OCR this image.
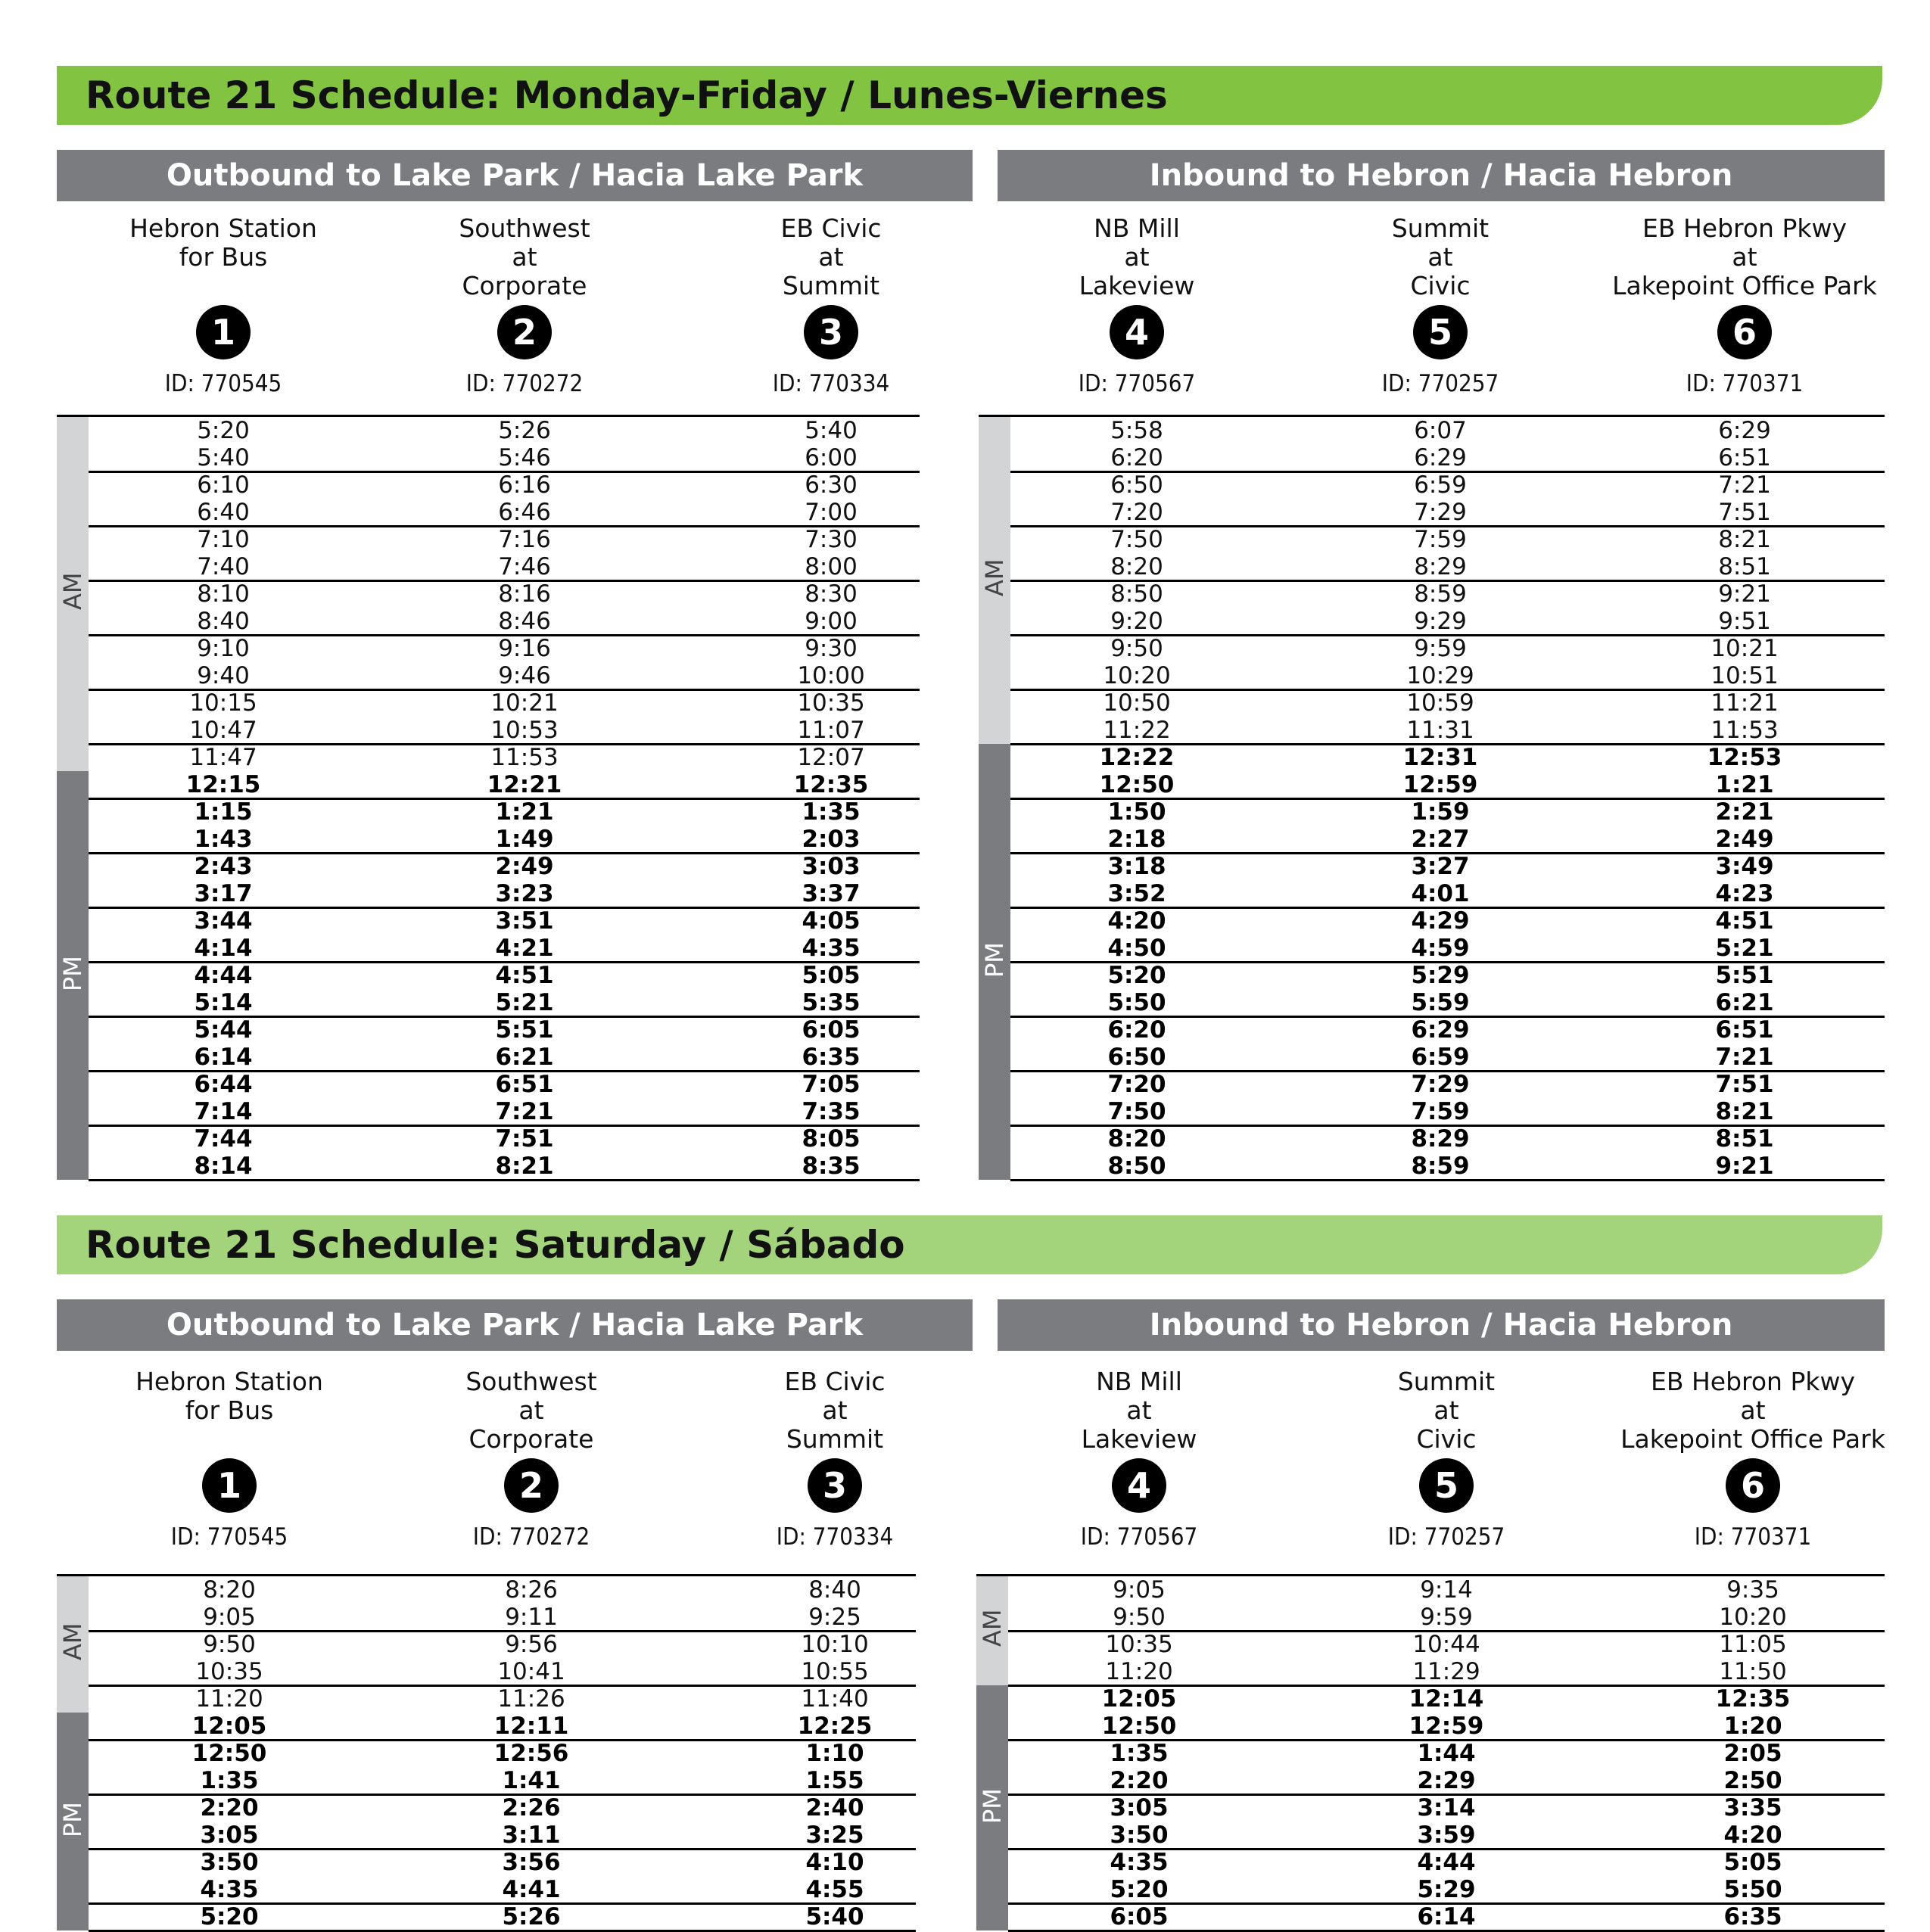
Route 21 Schedule: Monday-Friday / Lunes-Viernes
Outbound to Lake Park / Hacia Lake Park
Hebron Station
for Bus
1
ID: 770545
Southwest
at
Corporate
2
ID: 770272
EB Civic
at
Summit
3
ID: 770334
AM
PM
5:20	5:26	5:40
5:40	5:46	6:00
6:10	6:16	6:30
6:40	6:46	7:00
7:10	7:16	7:30
7:40	7:46	8:00
8:10	8:16	8:30
8:40	8:46	9:00
9:10	9:16	9:30
9:40	9:46	10:00
10:15	10:21	10:35
10:47	10:53	11:07
11:47	11:53	12:07
12:15	12:21	12:35
1:15	1:21	1:35
1:43	1:49	2:03
2:43	2:49	3:03
3:17	3:23	3:37
3:44	3:51	4:05
4:14	4:21	4:35
4:44	4:51	5:05
5:14	5:21	5:35
5:44	5:51	6:05
6:14	6:21	6:35
6:44	6:51	7:05
7:14	7:21	7:35
7:44	7:51	8:05
8:14	8:21	8:35
Inbound to Hebron / Hacia Hebron
NB Mill
at
Lakeview
4
ID: 770567
Summit
at
Civic
5
ID: 770257
EB Hebron Pkwy
at
Lakepoint Office Park
6
ID: 770371
AM
PM
5:58	6:07	6:29
6:20	6:29	6:51
6:50	6:59	7:21
7:20	7:29	7:51
7:50	7:59	8:21
8:20	8:29	8:51
8:50	8:59	9:21
9:20	9:29	9:51
9:50	9:59	10:21
10:20	10:29	10:51
10:50	10:59	11:21
11:22	11:31	11:53
12:22	12:31	12:53
12:50	12:59	1:21
1:50	1:59	2:21
2:18	2:27	2:49
3:18	3:27	3:49
3:52	4:01	4:23
4:20	4:29	4:51
4:50	4:59	5:21
5:20	5:29	5:51
5:50	5:59	6:21
6:20	6:29	6:51
6:50	6:59	7:21
7:20	7:29	7:51
7:50	7:59	8:21
8:20	8:29	8:51
8:50	8:59	9:21
Route 21 Schedule: Saturday / Sábado
Outbound to Lake Park / Hacia Lake Park
Hebron Station
for Bus
1
ID: 770545
Southwest
at
Corporate
2
ID: 770272
EB Civic
at
Summit
3
ID: 770334
AM
PM
8:20	8:26	8:40
9:05	9:11	9:25
9:50	9:56	10:10
10:35	10:41	10:55
11:20	11:26	11:40
12:05	12:11	12:25
12:50	12:56	1:10
1:35	1:41	1:55
2:20	2:26	2:40
3:05	3:11	3:25
3:50	3:56	4:10
4:35	4:41	4:55
5:20	5:26	5:40
Inbound to Hebron / Hacia Hebron
NB Mill
at
Lakeview
4
ID: 770567
Summit
at
Civic
5
ID: 770257
EB Hebron Pkwy
at
Lakepoint Office Park
6
ID: 770371
AM
PM
9:05	9:14	9:35
9:50	9:59	10:20
10:35	10:44	11:05
11:20	11:29	11:50
12:05	12:14	12:35
12:50	12:59	1:20
1:35	1:44	2:05
2:20	2:29	2:50
3:05	3:14	3:35
3:50	3:59	4:20
4:35	4:44	5:05
5:20	5:29	5:50
6:05	6:14	6:35
